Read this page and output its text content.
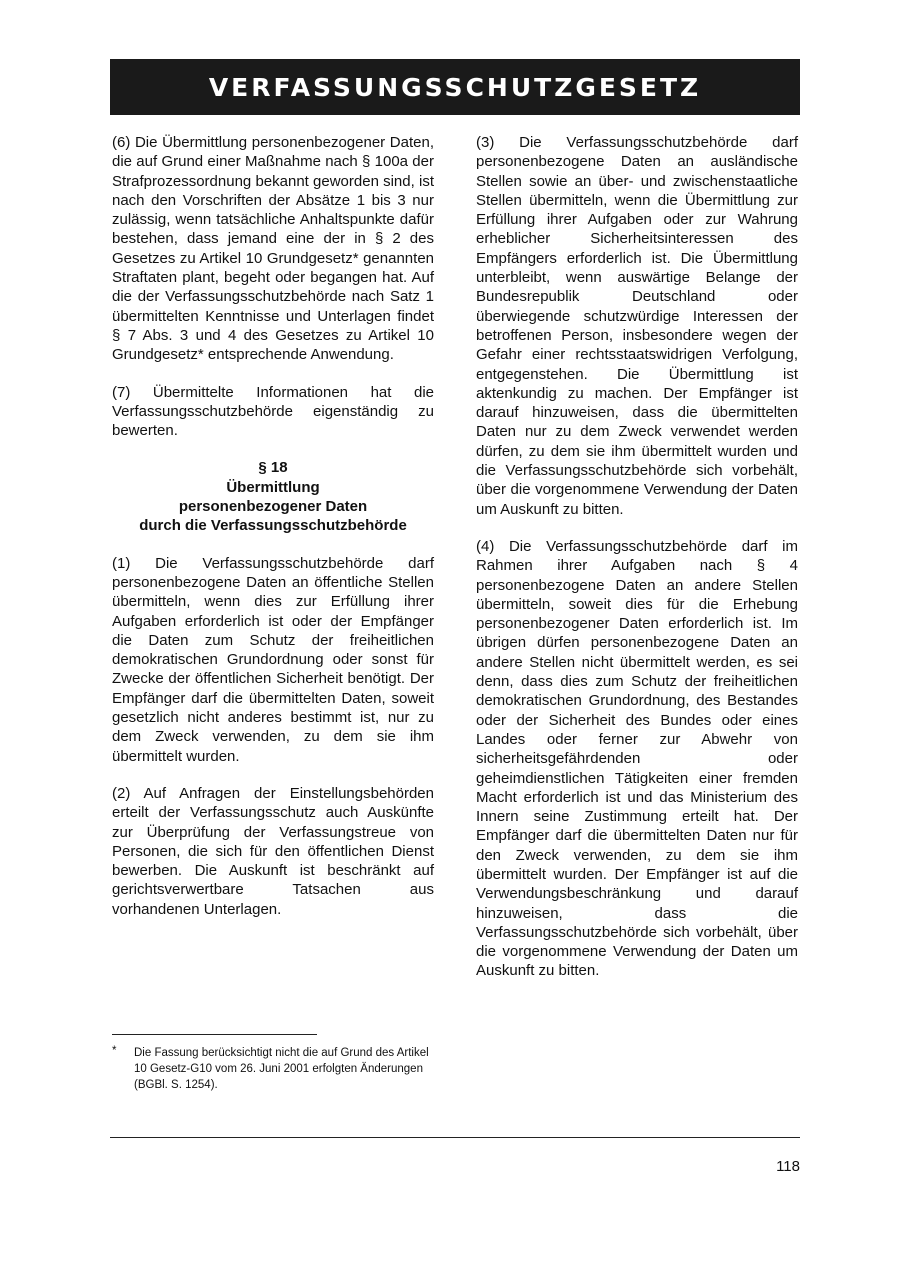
VERFASSUNGSSCHUTZGESETZ

(6) Die Übermittlung personenbezogener Daten, die auf Grund einer Maßnahme nach § 100a der Strafprozessordnung bekannt geworden sind, ist nach den Vorschriften der Absätze 1 bis 3 nur zulässig, wenn tatsächliche Anhaltspunkte dafür bestehen, dass jemand eine der in § 2 des Gesetzes zu Artikel 10 Grundgesetz* genannten Straftaten plant, begeht oder begangen hat. Auf die der Verfassungsschutzbehörde nach Satz 1 übermittelten Kenntnisse und Unterlagen findet § 7 Abs. 3 und 4 des Gesetzes zu Artikel 10 Grundgesetz* entsprechende Anwendung.

(7) Übermittelte Informationen hat die Verfassungsschutzbehörde eigenständig zu bewerten.

§ 18
Übermittlung
personenbezogener Daten
durch die Verfassungsschutzbehörde

(1) Die Verfassungsschutzbehörde darf personenbezogene Daten an öffentliche Stellen übermitteln, wenn dies zur Erfüllung ihrer Aufgaben erforderlich ist oder der Empfänger die Daten zum Schutz der freiheitlichen demokratischen Grundordnung oder sonst für Zwecke der öffentlichen Sicherheit benötigt. Der Empfänger darf die übermittelten Daten, soweit gesetzlich nicht anderes bestimmt ist, nur zu dem Zweck verwenden, zu dem sie ihm übermittelt wurden.

(2) Auf Anfragen der Einstellungsbehörden erteilt der Verfassungsschutz auch Auskünfte zur Überprüfung der Verfassungstreue von Personen, die sich für den öffentlichen Dienst bewerben. Die Auskunft ist beschränkt auf gerichtsverwertbare Tatsachen aus vorhandenen Unterlagen.

(3) Die Verfassungsschutzbehörde darf personenbezogene Daten an ausländische Stellen sowie an über- und zwischenstaatliche Stellen übermitteln, wenn die Übermittlung zur Erfüllung ihrer Aufgaben oder zur Wahrung erheblicher Sicherheitsinteressen des Empfängers erforderlich ist. Die Übermittlung unterbleibt, wenn auswärtige Belange der Bundesrepublik Deutschland oder überwiegende schutzwürdige Interessen der betroffenen Person, insbesondere wegen der Gefahr einer rechtsstaatswidrigen Verfolgung, entgegenstehen. Die Übermittlung ist aktenkundig zu machen. Der Empfänger ist darauf hinzuweisen, dass die übermittelten Daten nur zu dem Zweck verwendet werden dürfen, zu dem sie ihm übermittelt wurden und die Verfassungsschutzbehörde sich vorbehält, über die vorgenommene Verwendung der Daten um Auskunft zu bitten.

(4) Die Verfassungsschutzbehörde darf im Rahmen ihrer Aufgaben nach § 4 personenbezogene Daten an andere Stellen übermitteln, soweit dies für die Erhebung personenbezogener Daten erforderlich ist. Im übrigen dürfen personenbezogene Daten an andere Stellen nicht übermittelt werden, es sei denn, dass dies zum Schutz der freiheitlichen demokratischen Grundordnung, des Bestandes oder der Sicherheit des Bundes oder eines Landes oder ferner zur Abwehr von sicherheitsgefährdenden oder geheimdienstlichen Tätigkeiten einer fremden Macht erforderlich ist und das Ministerium des Innern seine Zustimmung erteilt hat. Der Empfänger darf die übermittelten Daten nur für den Zweck verwenden, zu dem sie ihm übermittelt wurden. Der Empfänger ist auf die Verwendungsbeschränkung und darauf hinzuweisen, dass die Verfassungsschutzbehörde sich vorbehält, über die vorgenommene Verwendung der Daten um Auskunft zu bitten.

* Die Fassung berücksichtigt nicht die auf Grund des Artikel 10 Gesetz-G10 vom 26. Juni 2001 erfolgten Änderungen (BGBl. S. 1254).
118
